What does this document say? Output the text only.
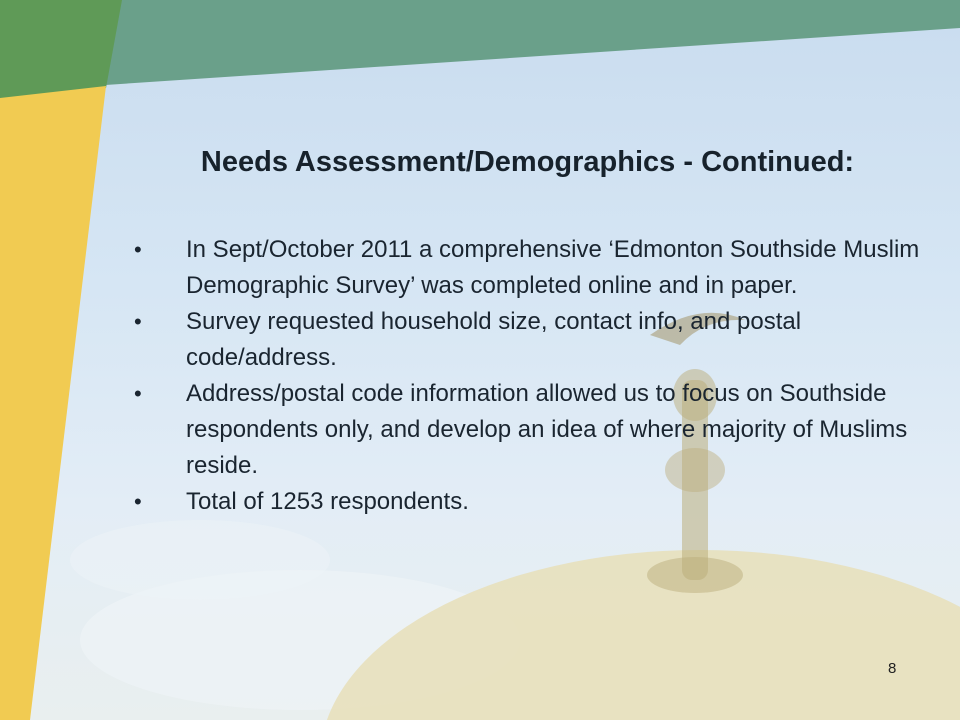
Needs Assessment/Demographics - Continued:
• In Sept/October 2011 a comprehensive ‘Edmonton Southside Muslim Demographic Survey’ was completed online and in paper.
• Survey requested household size, contact info, and postal code/address.
• Address/postal code information allowed us to focus on Southside respondents only, and develop an idea of where majority of Muslims reside.
• Total of 1253 respondents.
8
